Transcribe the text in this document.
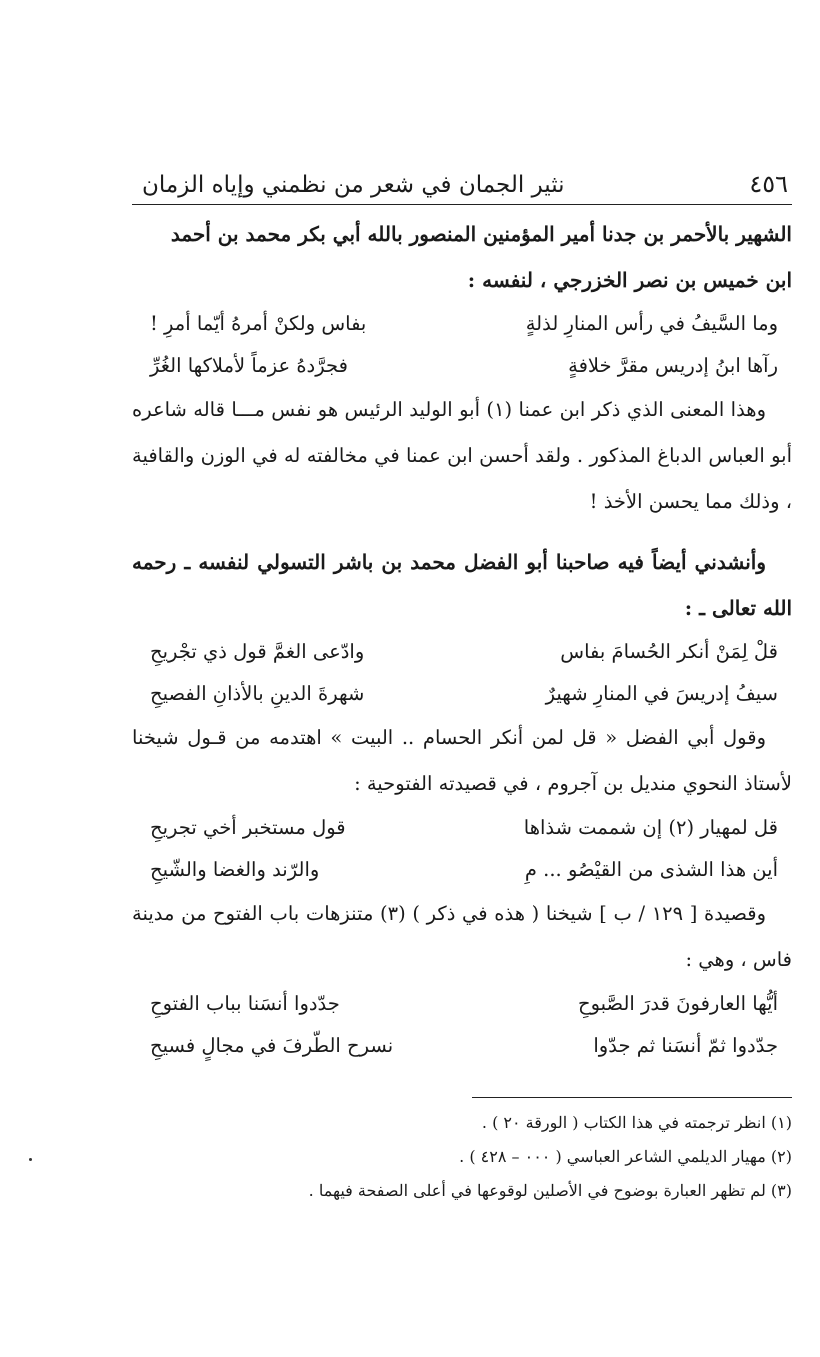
٤٥٦
نثير الجمان في شعر من نظمني وإياه الزمان

الشهير بالأحمر بن جدنا أمير المؤمنين المنصور بالله أبي بكر محمد بن أحمد

ابن خميس بن نصر الخزرجي ، لنفسه :

وما السَّيفُ في رأس المنارِ لذلةٍ
بفاس ولكنْ أمرهُ أيّما أمرِ !
رآها ابنُ إدريس مقرَّ خلافةٍ
فجرَّدهُ عزماً لأملاكها الغُرِّ

وهذا المعنى الذي ذكر ابن عمنا (١) أبو الوليد الرئيس هو نفس مـــا قاله شاعره أبو العباس الدباغ المذكور . ولقد أحسن ابن عمنا في مخالفته له في الوزن والقافية ، وذلك مما يحسن الأخذ !

وأنشدني أيضاً فيه صاحبنا أبو الفضل محمد بن باشر التسولي لنفسه ـ رحمه الله تعالى ـ :

قلْ لِمَنْ أنكر الحُسامَ بفاس
وادّعى الغمَّ قول ذي تجْريحِ
سيفُ إدريسَ في المنارِ شهيرٌ
شهرةَ الدينِ بالأذانِ الفصيحِ

وقول أبي الفضل « قل لمن أنكر الحسام .. البيت » اهتدمه من قـول شيخنا لأستاذ النحوي منديل بن آجروم ، في قصيدته الفتوحية :

قل لمهيار (٢) إن شممت شذاها
قول مستخبر أخي تجريحِ
أين هذا الشذى من القيْصُو ... مِ
والرّند والغضا والشّيحِ

وقصيدة [ ١٢٩ / ب ] شيخنا ( هذه في ذكر ) (٣) متنزهات باب الفتوح من مدينة فاس ، وهي :

أيُّها العارفونَ قدرَ الصَّبوحِ
جدّدوا أنسَنا بباب الفتوحِ
جدّدوا ثمّ أنسَنا ثم جدّوا
نسرح الطّرفَ في مجالٍ فسيحِ

(١) انظر ترجمته في هذا الكتاب ( الورقة ٢٠ ) .

(٢) مهيار الديلمي الشاعر العباسي ( ٠٠٠ – ٤٢٨ ) .

(٣) لم تظهر العبارة بوضوح في الأصلين لوقوعها في أعلى الصفحة فيهما .
